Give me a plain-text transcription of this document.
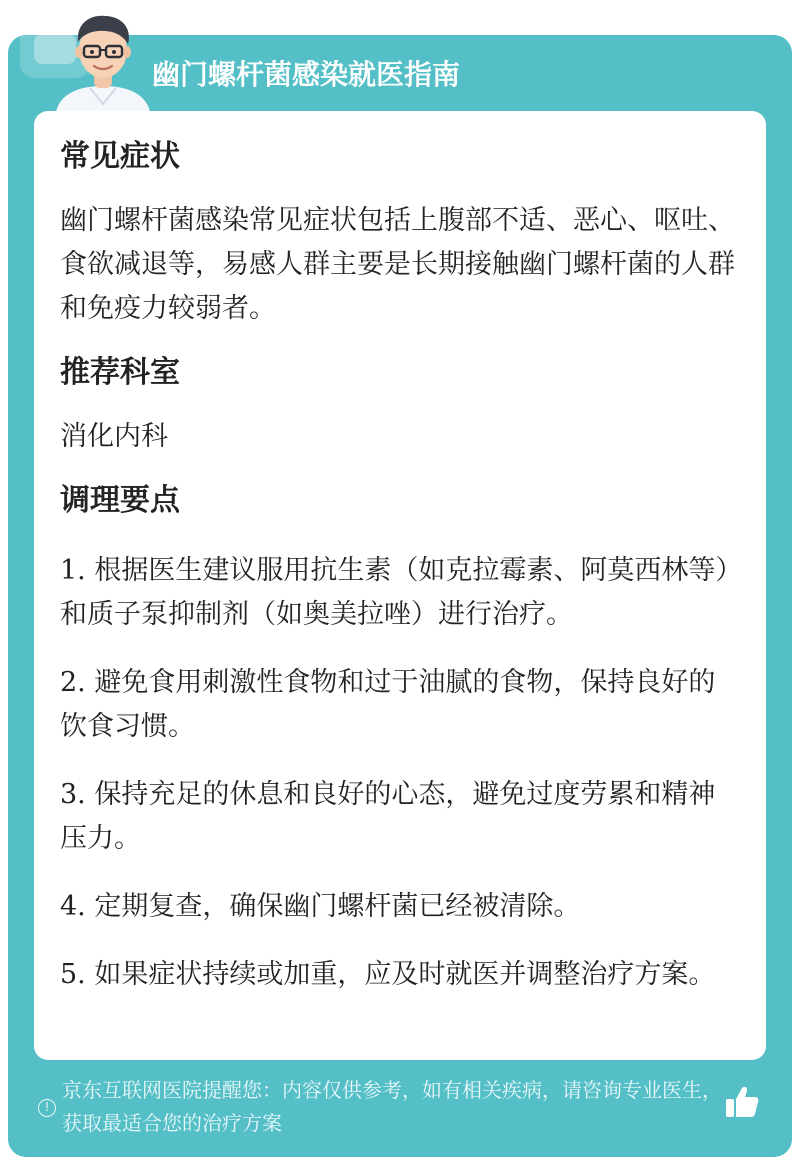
幽门螺杆菌感染就医指南
常见症状

幽门螺杆菌感染常见症状包括上腹部不适、恶心、呕吐、食欲减退等，易感人群主要是长期接触幽门螺杆菌的人群和免疫力较弱者。

推荐科室

消化内科

调理要点

1. 根据医生建议服用抗生素（如克拉霉素、阿莫西林等）和质子泵抑制剂（如奥美拉唑）进行治疗。

2. 避免食用刺激性食物和过于油腻的食物，保持良好的饮食习惯。

3. 保持充足的休息和良好的心态，避免过度劳累和精神压力。

4. 定期复查，确保幽门螺杆菌已经被清除。

5. 如果症状持续或加重，应及时就医并调整治疗方案。

!
京东互联网医院提醒您：内容仅供参考，如有相关疾病，请咨询专业医生，获取最适合您的治疗方案
